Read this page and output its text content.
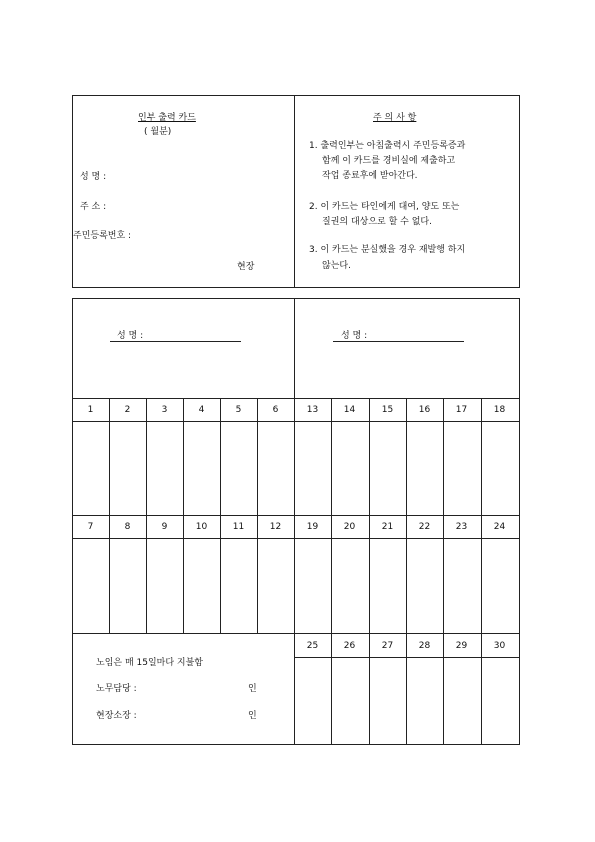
인부 출력 카드
( 월분)
성 명 :
주 소 :
주민등록번호 :
현장
주 의 사 항
1. 출력인부는 아침출력시 주민등록증과
함께 이 카드를 경비실에 제출하고
작업 종료후에 받아간다.
2. 이 카드는 타인에게 대여, 양도 또는
질권의 대상으로 할 수 없다.
3. 이 카드는 분실했을 경우 재발행 하지
않는다.
성 명 :	성 명 :
1	2	3	4	5	6	13	14	15	16	17	18
7	8	9	10	11	12	19	20	21	22	23	24
25	26	27	28	29	30
노임은 매 15일마다 지불함
노무담당 :	인
현장소장 :	인
